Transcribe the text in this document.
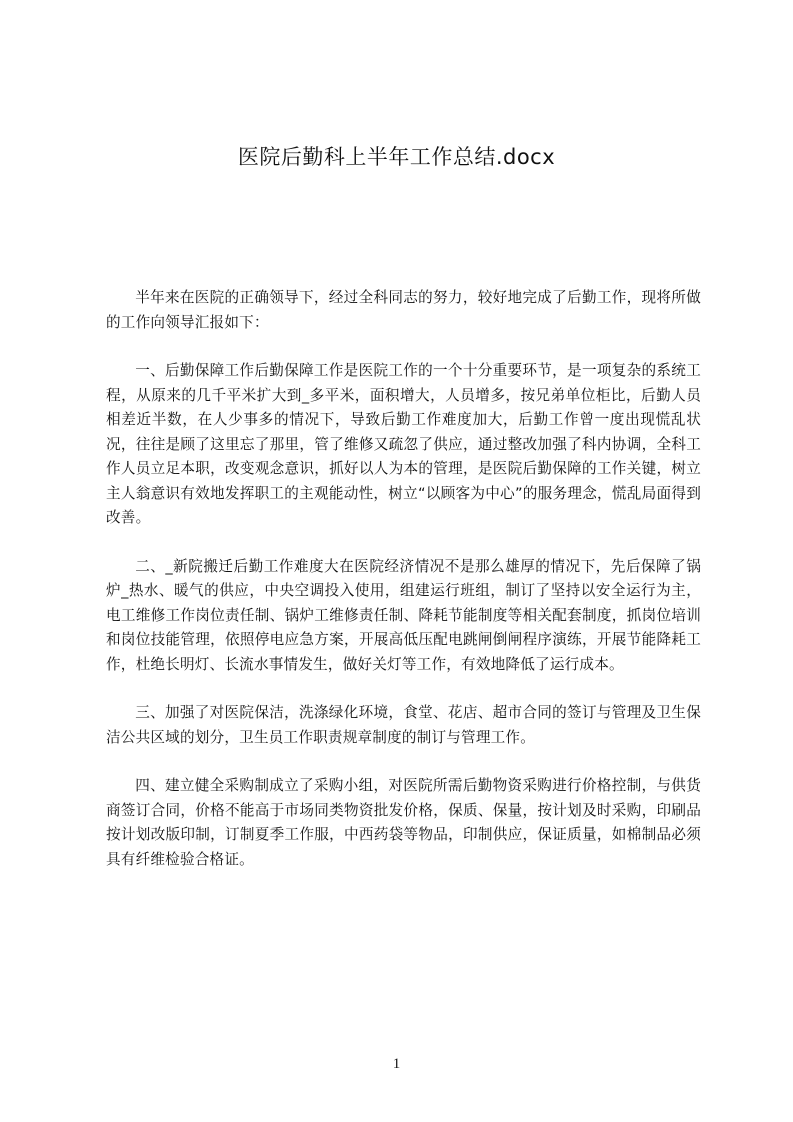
医院后勤科上半年工作总结.docx

半年来在医院的正确领导下，经过全科同志的努力，较好地完成了后勤工作，现将所做的工作向领导汇报如下：

一、后勤保障工作后勤保障工作是医院工作的一个十分重要环节，是一项复杂的系统工程，从原来的几千平米扩大到_多平米，面积增大，人员增多，按兄弟单位柜比，后勤人员相差近半数，在人少事多的情况下，导致后勤工作难度加大，后勤工作曾一度出现慌乱状况，往往是顾了这里忘了那里，管了维修又疏忽了供应，通过整改加强了科内协调，全科工作人员立足本职，改变观念意识，抓好以人为本的管理，是医院后勤保障的工作关键，树立主人翁意识有效地发挥职工的主观能动性，树立“以顾客为中心”的服务理念，慌乱局面得到改善。

二、_新院搬迁后勤工作难度大在医院经济情况不是那么雄厚的情况下，先后保障了锅炉_热水、暖气的供应，中央空调投入使用，组建运行班组，制订了坚持以安全运行为主，电工维修工作岗位责任制、锅炉工维修责任制、降耗节能制度等相关配套制度，抓岗位培训和岗位技能管理，依照停电应急方案，开展高低压配电跳闸倒闸程序演练，开展节能降耗工作，杜绝长明灯、长流水事情发生，做好关灯等工作，有效地降低了运行成本。

三、加强了对医院保洁，洗涤绿化环境，食堂、花店、超市合同的签订与管理及卫生保洁公共区域的划分，卫生员工作职责规章制度的制订与管理工作。

四、建立健全采购制成立了采购小组，对医院所需后勤物资采购进行价格控制，与供货商签订合同，价格不能高于市场同类物资批发价格，保质、保量，按计划及时采购，印刷品按计划改版印制，订制夏季工作服，中西药袋等物品，印制供应，保证质量，如棉制品必须具有纤维检验合格证。

1
